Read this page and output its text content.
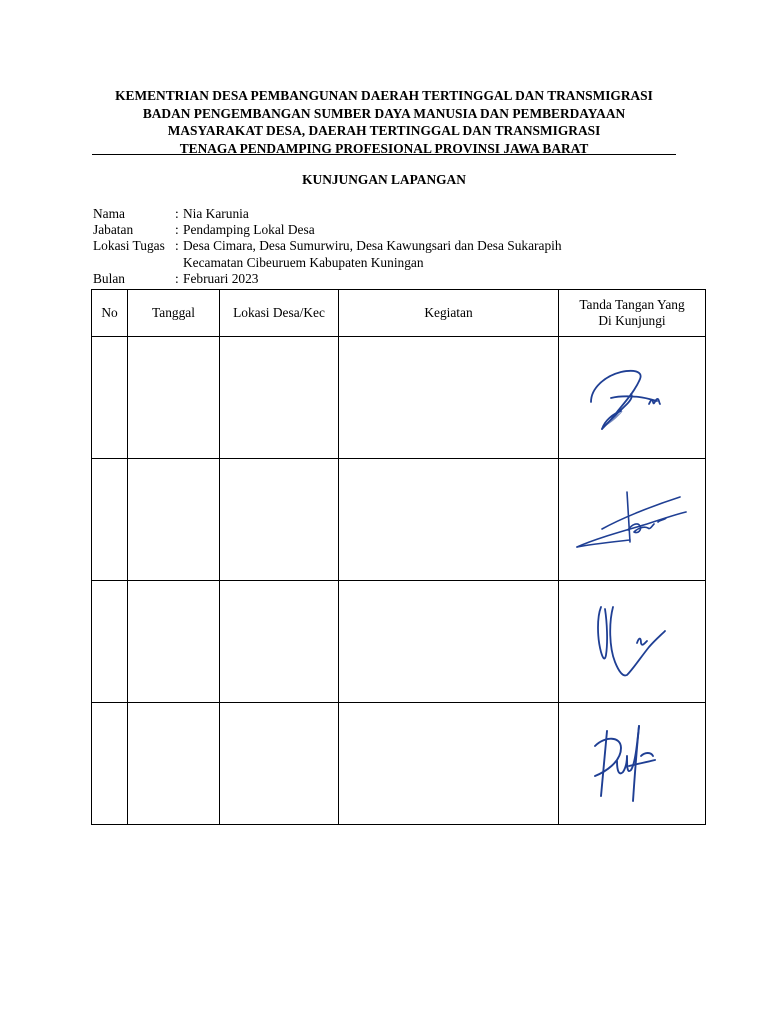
KEMENTRIAN DESA PEMBANGUNAN DAERAH TERTINGGAL DAN TRANSMIGRASI
BADAN PENGEMBANGAN SUMBER DAYA MANUSIA DAN PEMBERDAYAAN
MASYARAKAT DESA, DAERAH TERTINGGAL DAN TRANSMIGRASI
TENAGA PENDAMPING PROFESIONAL PROVINSI JAWA BARAT
KUNJUNGAN LAPANGAN
Nama	: Nia Karunia
Jabatan	: Pendamping Lokal Desa
Lokasi Tugas : Desa Cimara, Desa Sumurwiru, Desa Kawungsari dan Desa Sukarapih
Kecamatan Cibeuruem Kabupaten Kuningan
Bulan	: Februari 2023
No	Tanggal	Lokasi Desa/Kec	Kegiatan	Tanda Tangan Yang
Di Kunjungi
